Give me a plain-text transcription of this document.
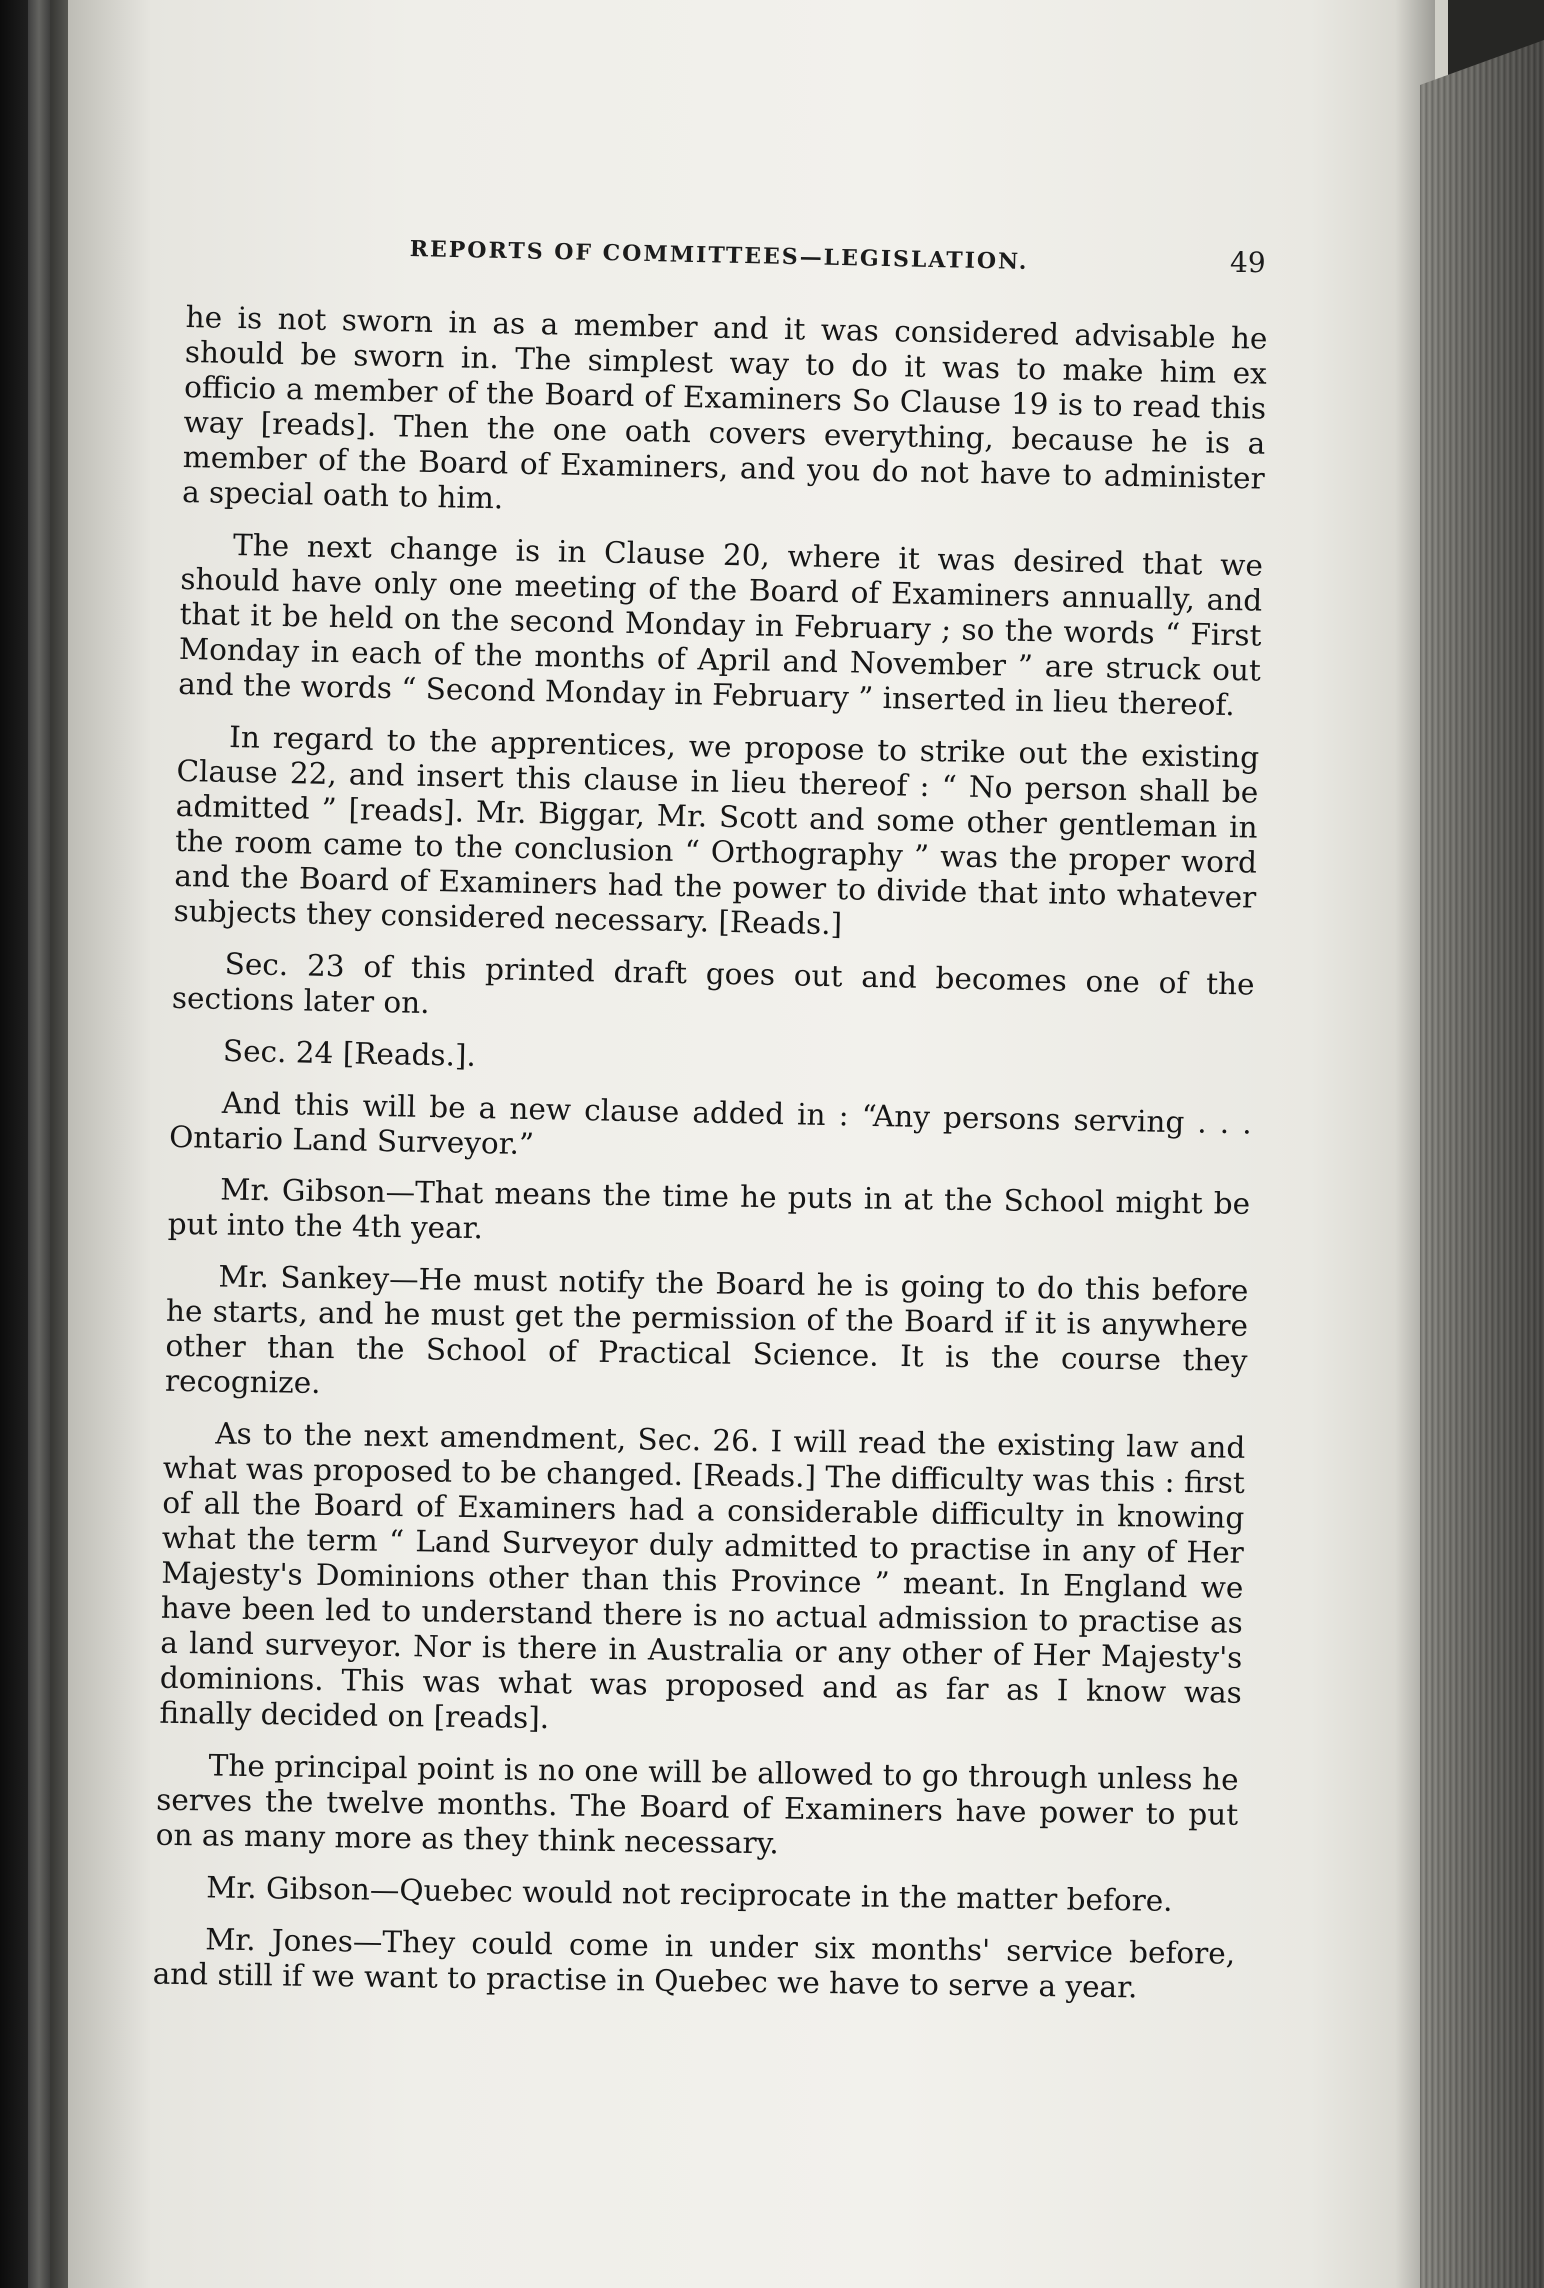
REPORTS OF COMMITTEES—LEGISLATION.	49

he is not sworn in as a member and it was considered advisable he should be sworn in. The simplest way to do it was to make him ex officio a member of the Board of Examiners So Clause 19 is to read this way [reads]. Then the one oath covers everything, because he is a member of the Board of Examiners, and you do not have to administer a special oath to him.

The next change is in Clause 20, where it was desired that we should have only one meeting of the Board of Examiners annually, and that it be held on the second Monday in February ; so the words “ First Monday in each of the months of April and November ” are struck out and the words “ Second Monday in February ” inserted in lieu thereof.

In regard to the apprentices, we propose to strike out the existing Clause 22, and insert this clause in lieu thereof : “ No person shall be admitted ” [reads]. Mr. Biggar, Mr. Scott and some other gentleman in the room came to the conclusion “ Orthography ” was the proper word and the Board of Examiners had the power to divide that into whatever subjects they considered necessary. [Reads.]

Sec. 23 of this printed draft goes out and becomes one of the sections later on.

Sec. 24 [Reads.].

And this will be a new clause added in : “Any persons serving . . . Ontario Land Surveyor.”

Mr. Gibson—That means the time he puts in at the School might be put into the 4th year.

Mr. Sankey—He must notify the Board he is going to do this before he starts, and he must get the permission of the Board if it is anywhere other than the School of Practical Science. It is the course they recognize.

As to the next amendment, Sec. 26. I will read the existing law and what was proposed to be changed. [Reads.] The difficulty was this : first of all the Board of Examiners had a considerable difficulty in knowing what the term “ Land Surveyor duly admitted to practise in any of Her Majesty's Dominions other than this Province ” meant. In England we have been led to understand there is no actual admission to practise as a land surveyor. Nor is there in Australia or any other of Her Majesty's dominions. This was what was proposed and as far as I know was finally decided on [reads].

The principal point is no one will be allowed to go through unless he serves the twelve months. The Board of Examiners have power to put on as many more as they think necessary.

Mr. Gibson—Quebec would not reciprocate in the matter before.

Mr. Jones—They could come in under six months' service before, and still if we want to practise in Quebec we have to serve a year.
